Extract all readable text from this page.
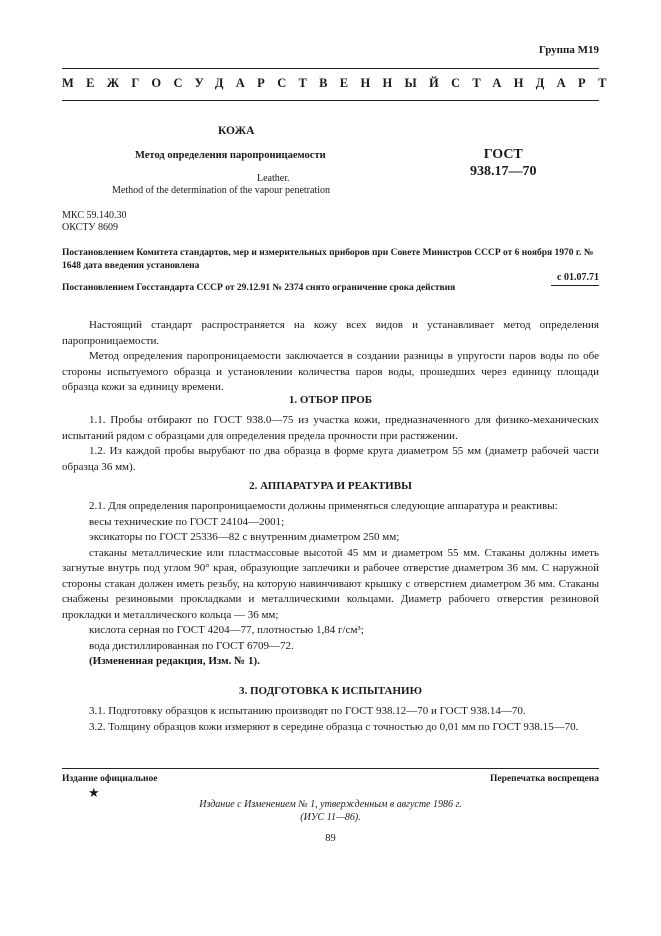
Группа М19
МЕЖГОСУДАРСТВЕННЫЙ СТАНДАРТ
КОЖА
Метод определения паропроницаемости
Leather.
Method of the determination of the vapour penetration
ГОСТ
938.17—70
МКС 59.140.30
ОКСТУ 8609
Постановлением Комитета стандартов, мер и измерительных приборов при Совете Министров СССР от 6 ноября 1970 г. № 1648 дата введения установлена
с 01.07.71
Постановлением Госстандарта СССР от 29.12.91 № 2374 снято ограничение срока действия

Настоящий стандарт распространяется на кожу всех видов и устанавливает метод определения паропроницаемости.

Метод определения паропроницаемости заключается в создании разницы в упругости паров воды по обе стороны испытуемого образца и установлении количества паров воды, прошедших через единицу площади образца кожи за единицу времени.

1. ОТБОР ПРОБ

1.1. Пробы отбирают по ГОСТ 938.0—75 из участка кожи, предназначенного для физико-механических испытаний рядом с образцами для определения предела прочности при растяжении.

1.2. Из каждой пробы вырубают по два образца в форме круга диаметром 55 мм (диаметр рабочей части образца 36 мм).

2. АППАРАТУРА И РЕАКТИВЫ

2.1. Для определения паропроницаемости должны применяться следующие аппаратура и реактивы:

весы технические по ГОСТ 24104—2001;

эксикаторы по ГОСТ 25336—82 с внутренним диаметром 250 мм;

стаканы металлические или пластмассовые высотой 45 мм и диаметром 55 мм. Стаканы должны иметь загнутые внутрь под углом 90° края, образующие заплечики и рабочее отверстие диаметром 36 мм. С наружной стороны стакан должен иметь резьбу, на которую навинчивают крышку с отверстием диаметром 36 мм. Стаканы снабжены резиновыми прокладками и металлическими кольцами. Диаметр рабочего отверстия резиновой прокладки и металлического кольца — 36 мм;

кислота серная по ГОСТ 4204—77, плотностью 1,84 г/см³;

вода дистиллированная по ГОСТ 6709—72.

(Измененная редакция, Изм. № 1).

3. ПОДГОТОВКА К ИСПЫТАНИЮ

3.1. Подготовку образцов к испытанию производят по ГОСТ 938.12—70 и ГОСТ 938.14—70.

3.2. Толщину образцов кожи измеряют в середине образца с точностью до 0,01 мм по ГОСТ 938.15—70.

Издание официальное	Перепечатка воспрещена
★
Издание с Изменением № 1, утвержденным в августе 1986 г.
(ИУС 11—86).
89
